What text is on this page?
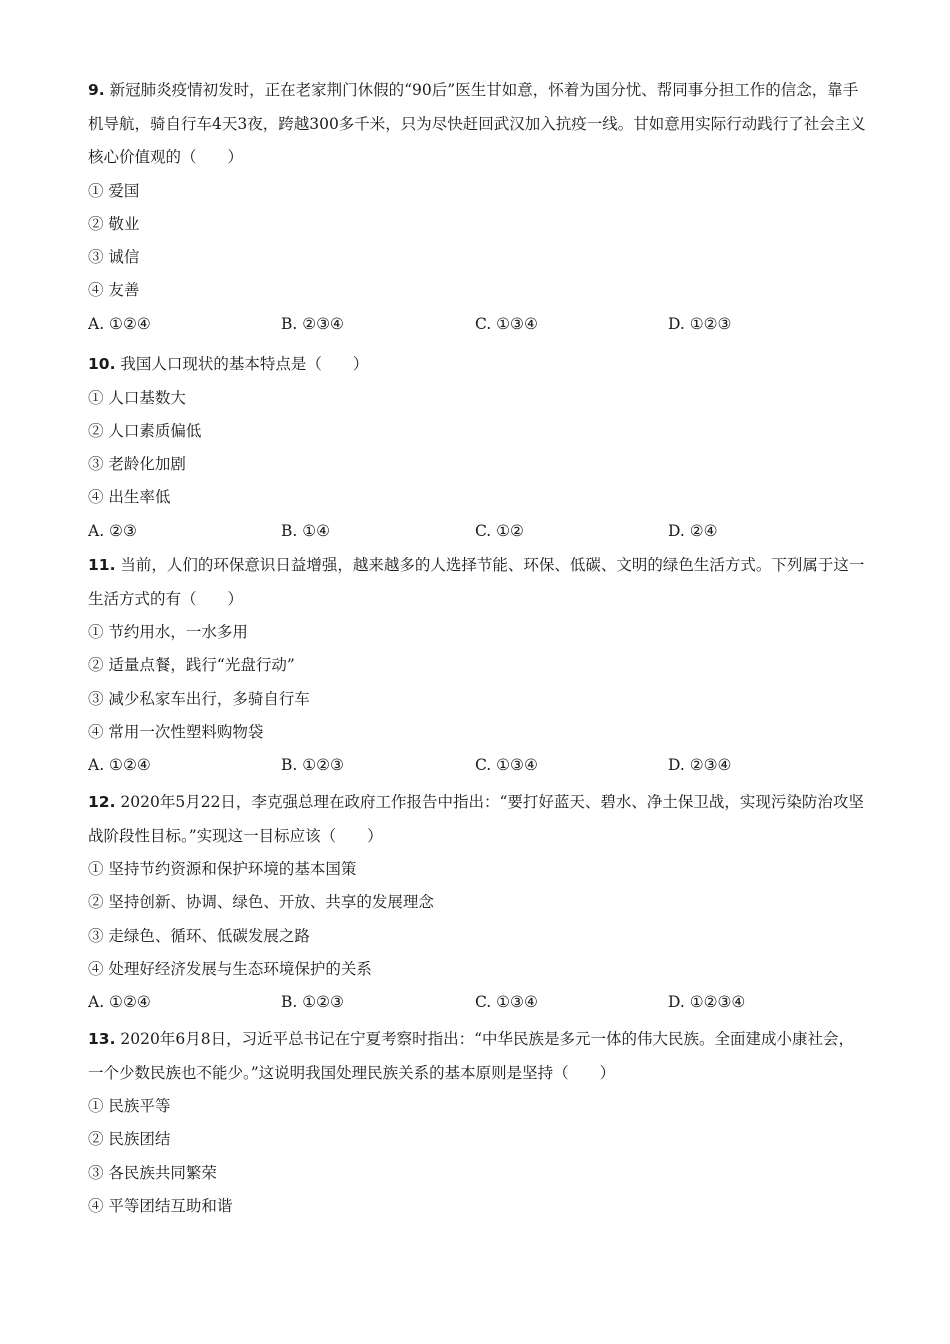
9. 新冠肺炎疫情初发时，正在老家荆门休假的“90后”医生甘如意，怀着为国分忧、帮同事分担工作的信念，靠手机导航，骑自行车4天3夜，跨越300多千米，只为尽快赶回武汉加入抗疫一线。甘如意用实际行动践行了社会主义核心价值观的（　　）

① 爱国
② 敬业
③ 诚信
④ 友善
A. ①②④	B. ②③④	C. ①③④	D. ①②③

10. 我国人口现状的基本特点是（　　）

① 人口基数大
② 人口素质偏低
③ 老龄化加剧
④ 出生率低
A. ②③	B. ①④	C. ①②	D. ②④

11. 当前，人们的环保意识日益增强，越来越多的人选择节能、环保、低碳、文明的绿色生活方式。下列属于这一生活方式的有（　　）

① 节约用水，一水多用
② 适量点餐，践行“光盘行动”
③ 减少私家车出行，多骑自行车
④ 常用一次性塑料购物袋
A. ①②④	B. ①②③	C. ①③④	D. ②③④

12. 2020年5月22日，李克强总理在政府工作报告中指出：“要打好蓝天、碧水、净土保卫战，实现污染防治攻坚战阶段性目标。”实现这一目标应该（　　）

① 坚持节约资源和保护环境的基本国策
② 坚持创新、协调、绿色、开放、共享的发展理念
③ 走绿色、循环、低碳发展之路
④ 处理好经济发展与生态环境保护的关系
A. ①②④	B. ①②③	C. ①③④	D. ①②③④

13. 2020年6月8日，习近平总书记在宁夏考察时指出：“中华民族是多元一体的伟大民族。全面建成小康社会，一个少数民族也不能少。”这说明我国处理民族关系的基本原则是坚持（　　）

① 民族平等
② 民族团结
③ 各民族共同繁荣
④ 平等团结互助和谐
